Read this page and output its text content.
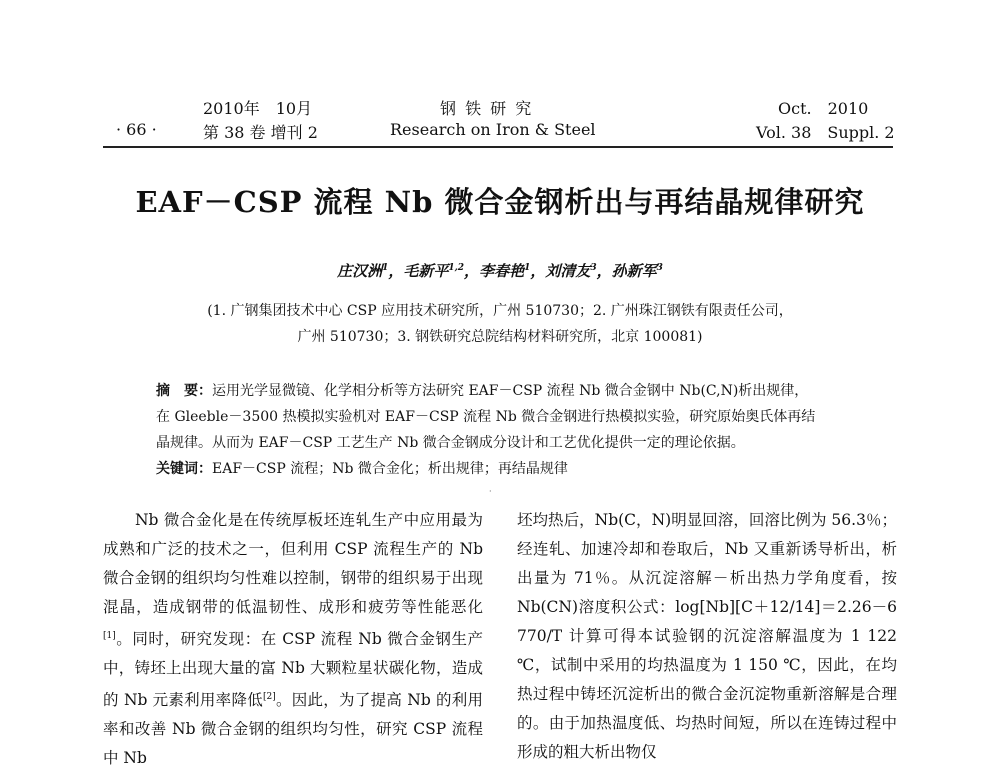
2010年　10月
· 66 ·	第 38 卷 增刊 2
钢 铁 研 究
Research on Iron & Steel
Oct.　2010
Vol. 38　Suppl. 2
EAF－CSP 流程 Nb 微合金钢析出与再结晶规律研究
庄汉洲$^1$，毛新平$^{1,2}$，李春艳$^1$，刘清友$^3$，孙新军$^3$
(1. 广钢集团技术中心 CSP 应用技术研究所，广州 510730；2. 广州珠江钢铁有限责任公司，
广州 510730；3. 钢铁研究总院结构材料研究所，北京 100081)
摘　要：运用光学显微镜、化学相分析等方法研究 EAF－CSP 流程 Nb 微合金钢中 Nb(C,N)析出规律，
在 Gleeble－3500 热模拟实验机对 EAF－CSP 流程 Nb 微合金钢进行热模拟实验，研究原始奥氏体再结
晶规律。从而为 EAF－CSP 工艺生产 Nb 微合金钢成分设计和工艺优化提供一定的理论依据。
关键词：EAF－CSP 流程；Nb 微合金化；析出规律；再结晶规律
·

　　Nb 微合金化是在传统厚板坯连轧生产中应用最为成熟和广泛的技术之一，但利用 CSP 流程生产的 Nb 微合金钢的组织均匀性难以控制，钢带的组织易于出现混晶，造成钢带的低温韧性、成形和疲劳等性能恶化[1]。同时，研究发现：在 CSP 流程 Nb 微合金钢生产中，铸坯上出现大量的富 Nb 大颗粒星状碳化物，造成的 Nb 元素利用率降低[2]。因此，为了提高 Nb 的利用率和改善 Nb 微合金钢的组织均匀性，研究 CSP 流程中 Nb

坯均热后，Nb(C，N)明显回溶，回溶比例为 56.3％；经连轧、加速冷却和卷取后，Nb 又重新诱导析出，析出量为 71％。从沉淀溶解－析出热力学角度看，按 Nb(CN)溶度积公式：log[Nb][C＋12/14]＝2.26－6 770/T 计算可得本试验钢的沉淀溶解温度为 1 122 ℃，试制中采用的均热温度为 1 150 ℃，因此，在均热过程中铸坯沉淀析出的微合金沉淀物重新溶解是合理的。由于加热温度低、均热时间短，所以在连铸过程中形成的粗大析出物仅
